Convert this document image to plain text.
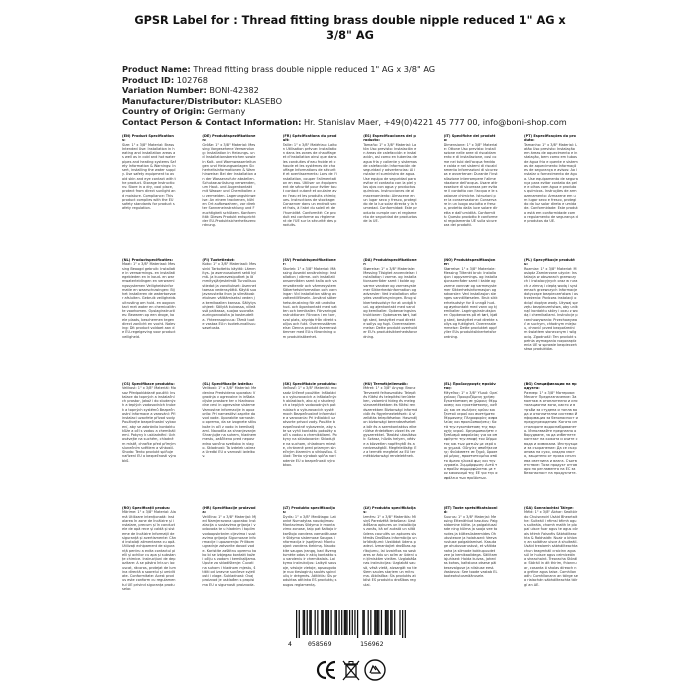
GPSR Label for : Thread fitting brass double nipple reduced 1" AG x
3/8" AG
Product Name: Thread fitting brass double nipple reduced 1" AG x 3/8" AG
Product ID: 102768
Variation Number: BONI-42382
Manufacturer/Distributor: KLASEBO
Country of Origin: Germany
Contact Person & Contact Information: Hr. Stanislav Maer, +49(0)4221 45 777 00, info@boni-shop.com
(EN) Product Specifications:
Size: 1" x 3/8" Material: Brass Intended Use: Installation in heating and installation areas as well as in cold and hot water pipes and heating systems Safety Information & Warnings: Insert, installing the water supply. Use safety equipment to avoid skin and eye contact with the product. Storage Instructions: Store in a dry, cool place, protect from direct sunlight and moisture. Compliance: This product complies with the EU safety standards for product safety regulation.
(DE) Produktspezifikationen:
Größe: 1" x 3/8" Material: Messing Vorgesehene Verwendung: Installation in Heizungs- und Installationsbereichen sowie in Kalt- und Warmwasserleitungen und Heizungsanlagen Sicherheitsinformationen & Warnhinweise: Bei der Installation an der Wasserzufuhr abstellen. Schutzausrüstung verwenden, um Haut- und Augenkontakt mit Wasser und Chemikalien zu vermeiden. Lagerungshinweise: An einem trockenen, kühlen Ort aufbewahren, vor direkter Sonneneinstrahlung und Feuchtigkeit schützen. Konformität: Dieses Produkt entspricht der EU-Produktsicherheitsverordnung.
(FR) Spécifications du produit:
Taille: 1" x 3/8" Matériau: Laiton Utilisation prévue: Installation dans les zones de chauffage et d'installation ainsi que dans les conduites d'eau froide et chaude et les systèmes de chauffage Informations de sécurité et avertissements: Lors de l'installation, couper l'alimentation en eau. Utiliser un équipement de sécurité pour éviter tout contact cutané et oculaire avec l'eau et les produits chimiques. Instructions de stockage: Conserver dans un endroit sec et frais, à l'abri du soleil et de l'humidité. Conformité: Ce produit est conforme au règlement de l'UE sur la sécurité des produits.
(ES) Especificaciones del producto:
Tamaño: 1" x 3/8" Material: Latón Uso previsto: Instalación en áreas de calefacción e instalación, así como en tuberías de agua fría y caliente y sistemas de calefacción Información de seguridad y advertencias: Al instalar el suministro de agua. Use equipo de seguridad para evitar el contacto con la piel y los ojos con agua y productos químicos. Instrucciones de almacenamiento: Almacene en un lugar seco y fresco, protegido de la luz solar directa y la humedad. Conformidad: Este producto cumple con el reglamento de seguridad de productos de la UE.
(IT) Specifiche del prodotto:
Dimensione: 1" x 3/8" Materiale: Ottone Uso previsto: Installazione nelle aree di riscaldamento e di installazione, così come nei tubi dell'acqua fredda e calda e nei sistemi di riscaldamento Informazioni di sicurezza e avvertenze: Durante l'installazione interrompere l'alimentazione dell'acqua. Usare attrezzature di sicurezza per evitare il contatto con l'acqua e le sostanze chimiche. Istruzioni per la conservazione: Conservare in un luogo asciutto e fresco, protetto dalla luce solare diretta e dall'umidità. Conformità: Questo prodotto è conforme al regolamento UE sulla sicurezza dei prodotti.
(PT) Especificações do produto:
Tamanho: 1" x 3/8" Material: Latão Uso previsto: Instalação em áreas de aquecimento e instalação, bem como em tubos de água fria e quente e sistemas de aquecimento Informações de segurança e avisos: Ao instalar o fornecimento de água. Use equipamento de segurança para evitar contato da pele e olhos com água e produtos químicos. Instruções de armazenamento: Armazene em um lugar seco e fresco, protegido da luz solar direta e umidade. Conformidade: Este produto está em conformidade com o regulamento de segurança de produtos da UE.
(NL) Productspecificaties:
Maat: 1" x 3/8" Materiaal: Messing Beoogd gebruik: Installatie in verwarmings- en installatiegebieden en in koud- en warmwaterleidingen en verwarmingssystemen Veiligheidsinformatie en waarschuwingen: Bij het installeren de watertoevoer afsluiten. Gebruik veiligheidsuitrusting om huid- en oogcontact met water en chemicaliën te voorkomen. Opslaginstructies: Bewaren op een droge, koele plaats, beschermen tegen direct zonlicht en vocht. Naleving: Dit product voldoet aan de EU-regelgeving voor productveiligheid.
(FI) Tuotetiedot:
Koko: 1" x 3/8" Materiaali: Messinki Tarkoitettu käyttö: Lämmitys- ja asennusalueet sekä kylmä- ja kuumavesiputket ja lämmitysjärjestelmät Turvallisuustiedot ja varoitukset: Asennettaessa vedensyöttö. Käytä suojavarusteita ihon ja silmäkosketuksen välttämiseksi veden ja kemikaalien kanssa. Säilytysohjeet: Säilytä kuivassa, viileässä paikassa, suojaa suoralta auringonvalolta ja kosteudelta. Yhteensopivuus: Tämä tuote vastaa EU:n tuoteturvallisuusasetusta.
(SV) Produktspecifikationer:
Storlek: 1" x 3/8" Material: Mässing Avsedd användning: Installation i värme- och installationsområden samt kalla och varmvattenrör och värmesystem Säkerhetsinformation och varningar: Vid installation stäng av vattentillförseln. Använd säkerhetsutrustning för att undvika hud- och ögonkontakt med vatten och kemikalier. Förvaringsinstruktioner: Förvara i en torr, sval plats, skydda från direkt solljus och fukt. Överensstämmelse: Denna produkt överensstämmer med EU:s förordning om produktsäkerhet.
(DA) Produktspecifikationer:
Størrelse: 1" x 3/8" Materiale: Messing Tilsigtet anvendelse: Installation i varme- og installationsområder samt i kolde og varme vandrør og varmesystemer Sikkerhedsinformation og advarsler: Ved installation afbrydes vandforsyningen. Brug sikkerhedsudstyr for at undgå hud- og øjenkontakt med vand og kemikalier. Opbevaringsinstruktioner: Opbevares tørt, køligt sted, beskyttet mod direkte sollys og fugt. Overensstemmelse: Dette produkt overholder EU's produktsikkerhedsforordning.
(NO) Produktspesifikasjoner:
Størrelse: 1" x 3/8" Materiale: Messing Tiltenkt bruk: Installasjon i oppvarmings- og installasjonsområder samt i kalde og varme vannrør og varmesystemer Sikkerhetsinformasjon og advarsler: Ved installasjon stenges vanntilførselen. Bruk sikkerhetsutstyr for å unngå hud- og øyekontakt med vann og kjemikalier. Lagringsinstruksjoner: Oppbevares på et tørt, kjølig sted, beskyttet mot direkte sollys og fuktighet. Overensstemmelse: Dette produktet oppfyller EUs produktsikkerhetsforordning.
(PL) Specyfikacje produktu:
Rozmiar: 1" x 3/8" Materiał: Mosiądz Zamierzone użycie: Instalacja w obszarach grzewczych i instalacyjnych oraz w rurach z zimną i ciepłą wodą i systemach grzewczych Informacje dotyczące bezpieczeństwa i ostrzeżenia: Podczas instalacji odciąć dopływ wody. Używaj sprzętu bezpieczeństwa, aby uniknąć kontaktu skóry i oczu z wodą i chemikaliami. Instrukcje przechowywania: Przechowywać w suchym, chłodnym miejscu, chronić przed bezpośrednim światłem słonecznym i wilgocią. Zgodność: Ten produkt spełnia wymagania rozporządzenia UE w sprawie bezpieczeństwa produktów.
(CS) Specifikace produktu:
Velikost: 1" x 3/8" Materiál: Mosaz Předpokládané použití: Instalace do topných a instalačních prostor, jakož i do studených a teplých vodovodních trubek a topných systémů Bezpečnostní informace a varování: Při instalaci uzavřete přívod vody. Používejte bezpečnostní vybavení, aby se zabránilo kontaktu kůže a očí s vodou a chemikáliemi. Pokyny k uskladnění: Uchovávejte na suchém, chladném místě, chraňte před přímým slunečním světlem a vlhkostí. Shoda: Tento produkt splňuje nařízení EU o bezpečnosti výrobků.
(SL) Specifikacije izdelka:
Velikost: 1" x 3/8" Material: Medenina Predvidena uporaba: Vgradnja v ogrevalne in inštalacijske prostore ter v hladnovodne cevi in ogrevalne sisteme Varnostne informacije in opozorila: Pri namestitvi zaprite dovod vode. Uporabite varnostno opremo, da se izognete stiku kože in oči z vodo in kemikalijami. Navodila za shranjevanje: Shranjujte na suhem, hladnem mestu, zaščiteno pred neposredno sončno svetlobo in vlago. Skladnost: Ta izdelek ustreza Uredbi EU o varnosti izdelkov.
(SK) Špecifikácie produktu:
Veľkosť: 1" x 3/8" Materiál: mosadz Určené použitie: Inštalácia v vykurovacích a inštalačných oblastiach, ako aj v studených a teplých vodovodných potrubiach a vykurovacích systémoch Bezpečnostné informácie a varovania: Pri inštalácii uzatvorte prívod vody. Použite bezpečnostné vybavenie, aby ste sa vyhli kontaktu pokožky a očí s vodou a chemikáliami. Pokyny na skladovanie: Skladujte na suchom, chladnom mieste, chránené pred priamym slnečným žiarením a vlhkosťou. Súlad: Tento výrobok spĺňa nariadenie EÚ o bezpečnosti výrobkov.
(HU) Termékjellemzők:
Méret: 1" x 3/8" Anyag: Bronz Tervezett felhasználás: Telepítés fűtési és telepítési területeken, valamint hideg és meleg vízvezetékekben és fűtési rendszerekben Biztonsági információk és figyelmeztetések: A vízellátás telepítésekor. Használjon biztonsági berendezéseket a bőr és a szemkontaktus elkerülése érdekében vízzel és vegyszerekkel. Tárolási utasítások: Száraz, hűvös helyen, védve a közvetlen napfénytől és a nedvességtől. Megfelelőség: Ez a termék megfelel az EU termékbiztonsági rendeletének.
(EL) Προδιαγραφές προϊόντος:
Μέγεθος: 1" x 3/8" Υλικό: Ορείχαλκος Προοριζόμενη χρήση: Εγκατάσταση σε χώρους θέρμανσης και εγκατάστασης, καθώς και σε σωλήνες κρύου και ζεστού νερού και συστήματα θέρμανσης Πληροφορίες ασφαλείας και προειδοποιήσεις: Κατά την εγκατάσταση της παροχής νερού. Χρησιμοποιήστε εξοπλισμό ασφαλείας για να αποφύγετε την επαφή του δέρματος και των ματιών με νερό και χημικά. Οδηγίες αποθήκευσης: Φυλάσσετε σε ξηρό, δροσερό μέρος, προστατευμένο από το άμεσο ηλιακό φως και την υγρασία. Συμμόρφωση: Αυτό το προϊόν συμμορφώνεται με τον κανονισμό της ΕΕ για την ασφάλεια των προϊόντων.
(BG) Спецификации на продукта:
Размер: 1" x 3/8" Материал: Месинг Предназначение: За монтаж в отоплителни и инсталационни зони, както и в тръби за студена и топла вода и отоплителни системи Информация за безопасност и предупреждения: Когато инсталирате водоснабдяването. Използвайте предпазно оборудване, за да избегнете контакт на кожата и очите с вода и химикали. Инструкции за съхранение: Да се съхранява на сухо, хладно място, защитено от пряка слънчева светлина и влага. Съответствие: Този продукт отговаря на регламента на ЕС за безопасност на продуктите.
(RO) Specificații produs:
Mărime: 1" x 3/8" Material: Alamă Utilizare intenționată: Instalarea în zone de încălzire și instalare, precum și în conductele de apă rece și caldă și sisteme de încălzire Informații de siguranță și avertismente: Când instalați alimentarea cu apă. Utilizați echipament de siguranță pentru a evita contactul pielii și ochilor cu apa și substanțe chimice. Instrucțiuni de depozitare: A se păstra într-un loc uscat, răcoros, protejat de lumina directă a soarelui și umiditate. Conformitate: Acest produs este conform cu regulamentul UE privind siguranța produselor.
(HR) Specifikacije proizvoda:
Veličina: 1" x 3/8" Materijal: Mjed Namjeravana uporaba: Instalacija u sustavima grijanja i vodovoda te u hladnim i toplim vodoopskrbnim cijevima i sustavima grijanja Sigurnosne informacije i upozorenja: Prilikom ugradnje zatvorite dovod vode. Koristite zaštitnu opremu kako bi se izbjegao kontakt kože i očiju s vodom i kemikalijama. Upute za skladištenje: Čuvati na suhom i hladnom mjestu, štititi od izravne sunčeve svjetlosti i vlage. Sukladnost: Ovaj proizvod je usklađen s propisima EU o sigurnosti proizvoda.
(LT) Produkto specifikacijos:
Dydis: 1" x 3/8" Medžiaga: Latonkė Numatytas naudojimas: Montavimas šildymo ir montavimo zonose, taip pat šaltojo ir karštojo vandens vamzdžiuose ir šildymo sistemose Saugos informacija ir įspėjimai: Montuojant vandens tiekimą. Naudokite saugos įrangą, kad išvengtumėte odos ir akių kontakto su vandeniu ir chemikalais. Laikymo instrukcijos: Laikyti sausoje, vėsioje vietoje, apsaugotoje nuo tiesioginių saulės spindulių ir drėgmės. Atitiktis: Šis produktas atitinka ES produktų saugos reglamentą.
(LV) Produkta specifikācijas:
Izmērs: 1" x 3/8" Materiāls: Misiņš Paredzētā lietošana: Uzstādīšana apkures un instalācijas zonās, kā arī aukstā un siltā ūdens caurulēs un apkures sistēmās Drošības informācija un brīdinājumi: Uzstādot ūdens padevi. Izmantojiet drošības aprīkojumu, lai izvairītos no saskares ar ādu un acīm ar ūdeni un ķīmiskām vielām. Uzglabāšanas instrukcijas: Uzglabāt sausā, vēsā vietā, aizsargāt no tiešiem saules stariem un mitruma. Atbilstība: Šis produkts atbilst ES produktu drošības regulai.
(ET) Toote spetsifikatsioonid:
Suurus: 1" x 3/8" Materjal: Messing Ettenähtud kasutus: Paigaldamine kütte- ja paigaldusalade ning külma ja sooja vee torudes ja küttesüsteemides Ohutusteave ja hoiatused: Veevarustuse paigaldamisel. Kasutage ohutusvarustust, et vältida naha ja silmade kokkupuudet vee ja kemikaalidega. Säilitamisjuhised: Hoida kuivas, jahedas kohas, kaitstuna otsese päikesevalguse ja niiskuse eest. Vastavus: See toode vastab EL tooteohutusmäärusele.
(GA) Sonraíochtaí Táirge:
Méid: 1" x 3/8" Ábhar: Seoltóir do Chuisneoirí Úsáid Bheartaithe: Suiteáil i réimsí téimh agus suiteála, chomh maith le píopaí uisce fuar agus te agus córais téimh Faisnéis Sábháilteachta & Rabhaidh: Nuair a bhíonn an soláthar uisce á shuiteáil. Úsáid trealamh sábháilteachta chun teagmháil craicinn agus súl le huisce agus ceimiceáin a sheachaint. Treoracha Stórála: Stóráil in áit thirim, fhionnuar, cosanta ó sholas díreach na gréine agus taise. Comhlíonadh: Comhlíonann an táirge seo rialachán sábháilteachta táirgí an AE.
4 058569	156962
